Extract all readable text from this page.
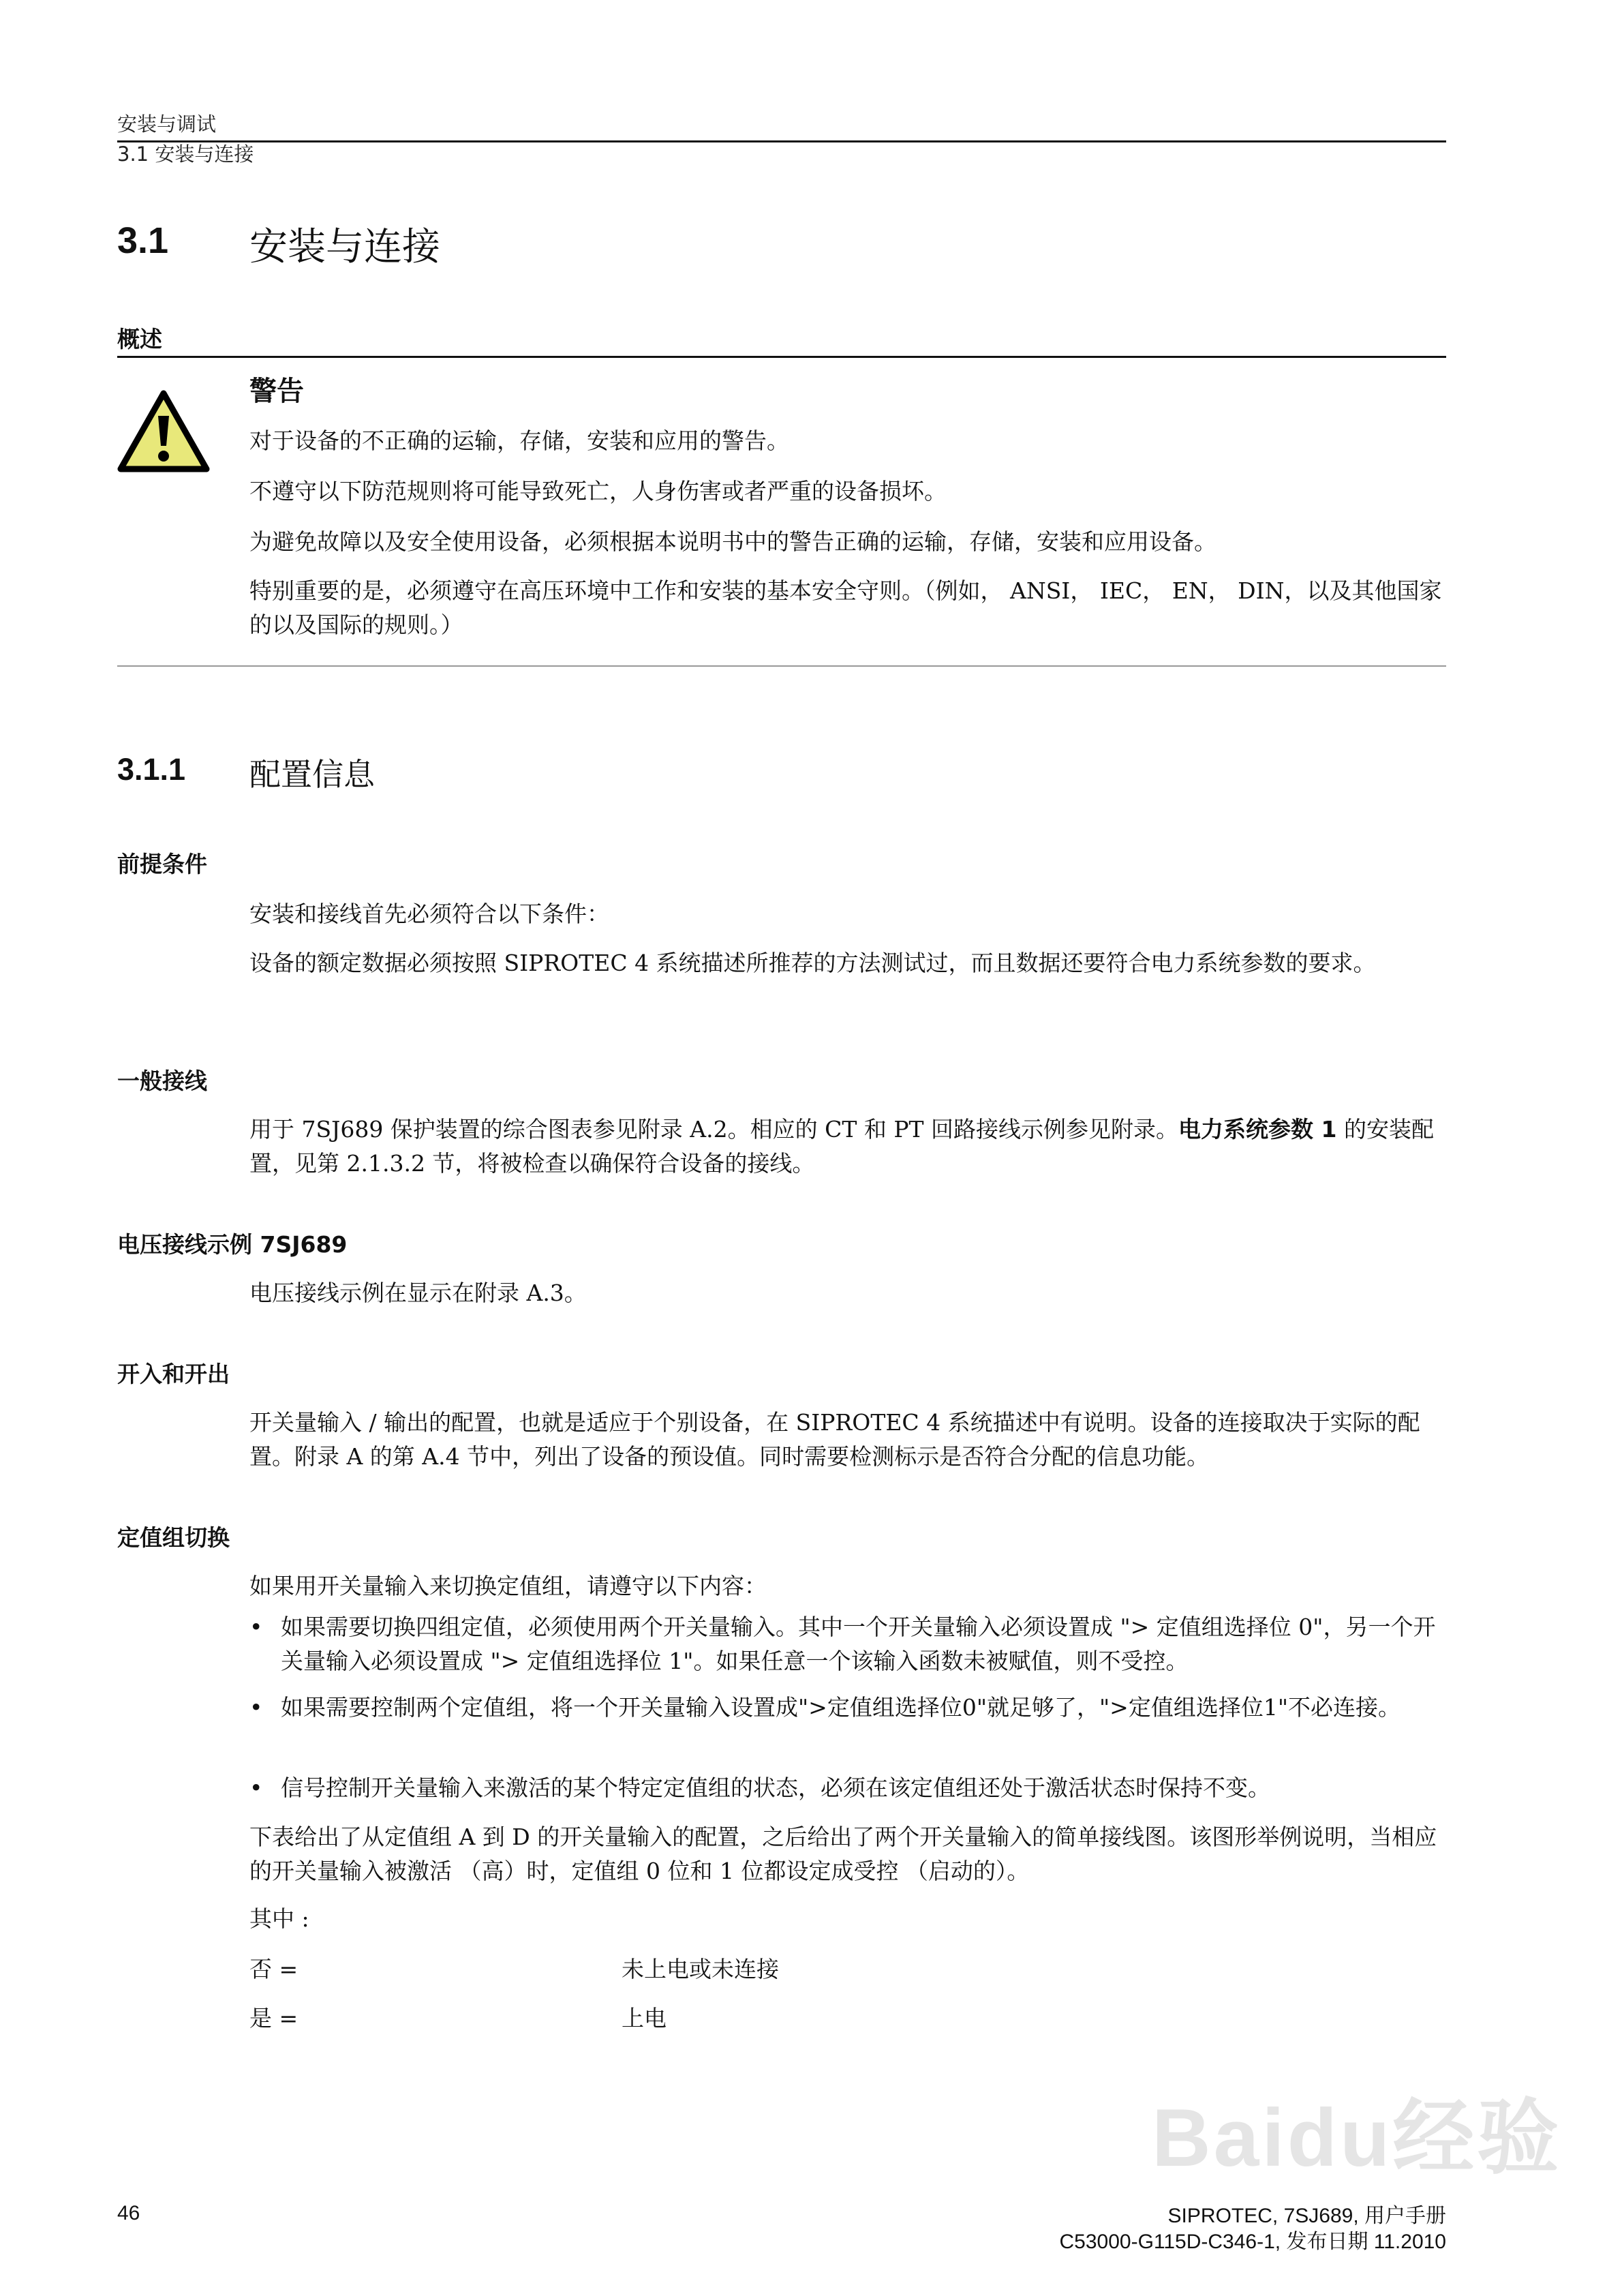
安装与调试
3.1 安装与连接
3.1 安装与连接
概述
警告

对于设备的不正确的运输，存储，安装和应用的警告。

不遵守以下防范规则将可能导致死亡，人身伤害或者严重的设备损坏。

为避免故障以及安全使用设备，必须根据本说明书中的警告正确的运输，存储，安装和应用设备。

特别重要的是，必须遵守在高压环境中工作和安装的基本安全守则。（例如， ANSI， IEC， EN， DIN，以及其他国家的以及国际的规则。）

3.1.1 配置信息
前提条件

安装和接线首先必须符合以下条件：

设备的额定数据必须按照 SIPROTEC 4 系统描述所推荐的方法测试过，而且数据还要符合电力系统参数的要求。

一般接线

用于 7SJ689 保护装置的综合图表参见附录 A.2。相应的 CT 和 PT 回路接线示例参见附录。电力系统参数 1 的安装配置，见第 2.1.3.2 节，将被检查以确保符合设备的接线。

电压接线示例 7SJ689

电压接线示例在显示在附录 A.3。

开入和开出

开关量输入 / 输出的配置，也就是适应于个别设备，在 SIPROTEC 4 系统描述中有说明。设备的连接取决于实际的配置。附录 A 的第 A.4 节中，列出了设备的预设值。同时需要检测标示是否符合分配的信息功能。

定值组切换

如果用开关量输入来切换定值组，请遵守以下内容：

• 如果需要切换四组定值，必须使用两个开关量输入。其中一个开关量输入必须设置成 "> 定值组选择位 0"，另一个开关量输入必须设置成 "> 定值组选择位 1"。如果任意一个该输入函数未被赋值，则不受控。

• 如果需要控制两个定值组，将一个开关量输入设置成">定值组选择位0"就足够了，">定值组选择位1"不必连接。

• 信号控制开关量输入来激活的某个特定定值组的状态，必须在该定值组还处于激活状态时保持不变。

下表给出了从定值组 A 到 D 的开关量输入的配置，之后给出了两个开关量输入的简单接线图。该图形举例说明，当相应的开关量输入被激活 （高）时，定值组 0 位和 1 位都设定成受控 （启动的）。

其中 :

否 =	未上电或未连接
是 =	上电
Baidu经验
46	SIPROTEC, 7SJ689, 用户手册
C53000-G115D-C346-1, 发布日期 11.2010
